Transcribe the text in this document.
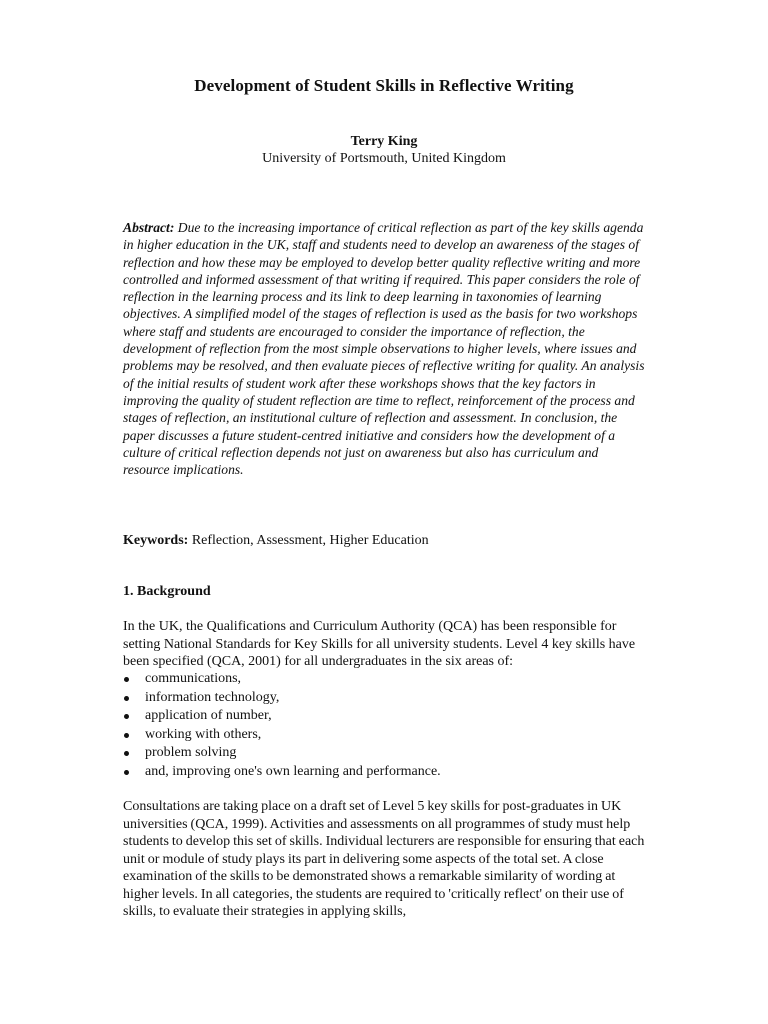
Development of Student Skills in Reflective Writing
Terry King
University of Portsmouth, United Kingdom
Abstract: Due to the increasing importance of critical reflection as part of the key skills agenda in higher education in the UK, staff and students need to develop an awareness of the stages of reflection and how these may be employed to develop better quality reflective writing and more controlled and informed assessment of that writing if required. This paper considers the role of reflection in the learning process and its link to deep learning in taxonomies of learning objectives. A simplified model of the stages of reflection is used as the basis for two workshops where staff and students are encouraged to consider the importance of reflection, the development of reflection from the most simple observations to higher levels, where issues and problems may be resolved, and then evaluate pieces of reflective writing for quality. An analysis of the initial results of student work after these workshops shows that the key factors in improving the quality of student reflection are time to reflect, reinforcement of the process and stages of reflection, an institutional culture of reflection and assessment. In conclusion, the paper discusses a future student-centred initiative and considers how the development of a culture of critical reflection depends not just on awareness but also has curriculum and resource implications.
Keywords: Reflection, Assessment, Higher Education
1. Background
In the UK, the Qualifications and Curriculum Authority (QCA) has been responsible for setting National Standards for Key Skills for all university students. Level 4 key skills have been specified (QCA, 2001) for all undergraduates in the six areas of:
communications,
information technology,
application of number,
working with others,
problem solving
and, improving one's own learning and performance.
Consultations are taking place on a draft set of Level 5 key skills for post-graduates in UK universities (QCA, 1999). Activities and assessments on all programmes of study must help students to develop this set of skills. Individual lecturers are responsible for ensuring that each unit or module of study plays its part in delivering some aspects of the total set. A close examination of the skills to be demonstrated shows a remarkable similarity of wording at higher levels. In all categories, the students are required to 'critically reflect' on their use of skills, to evaluate their strategies in applying skills,
